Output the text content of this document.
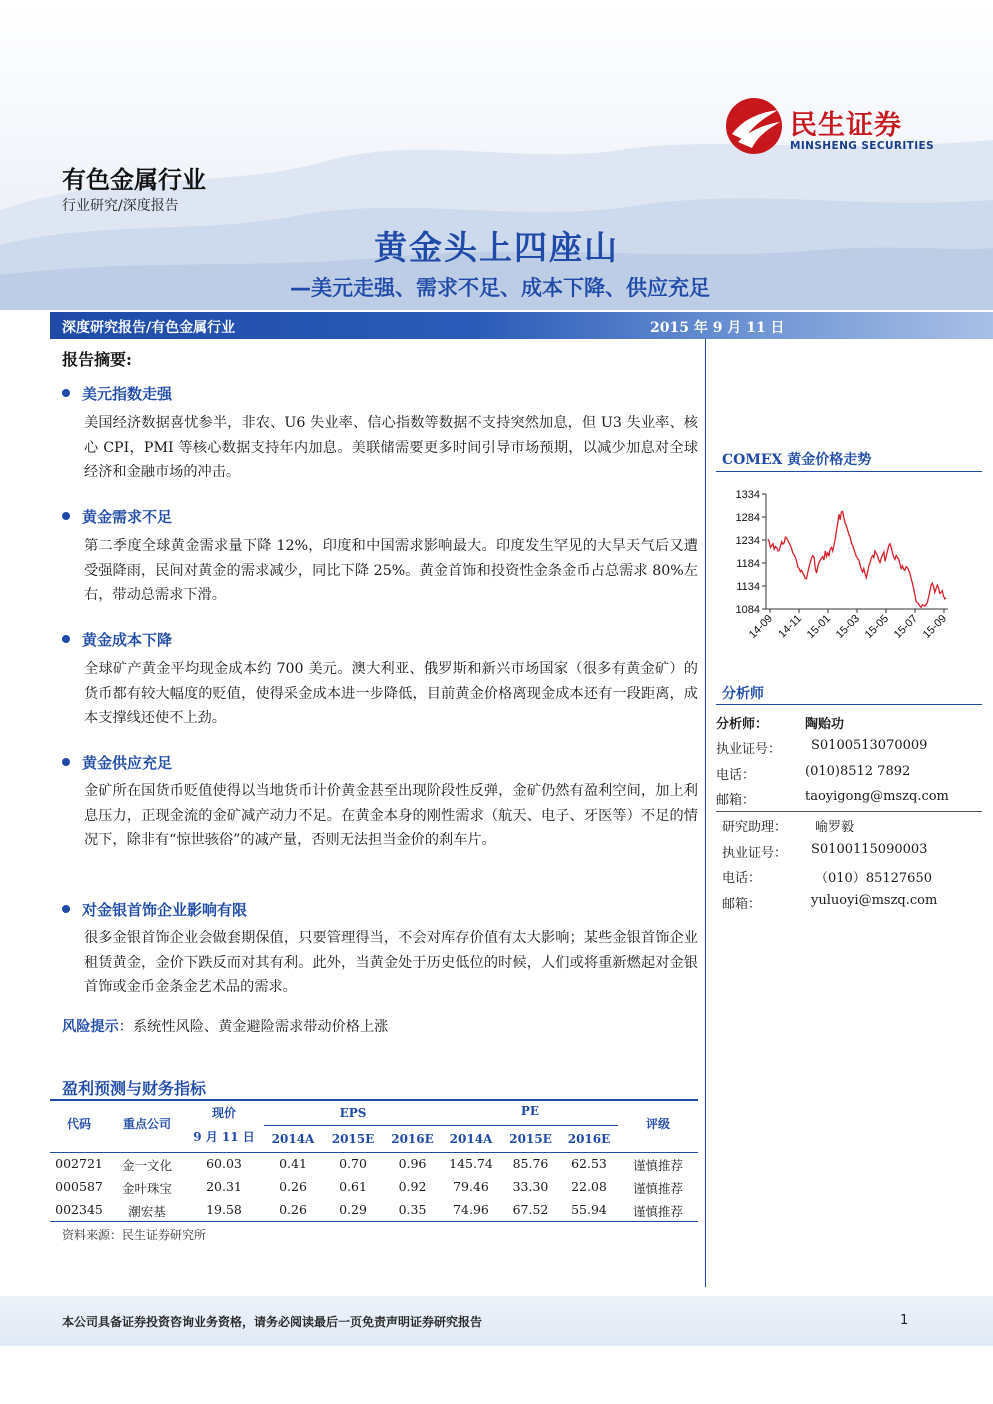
民生证券
MINSHENG SECURITIES
有色金属行业
行业研究/深度报告
黄金头上四座山
—美元走强、需求不足、成本下降、供应充足
深度研究报告/有色金属行业	2015 年 9 月 11 日
报告摘要:
美元指数走强
美国经济数据喜忧参半，非农、U6 失业率、信心指数等数据不支持突然加息，但 U3 失业率、核心 CPI，PMI 等核心数据支持年内加息。美联储需要更多时间引导市场预期，以减少加息对全球经济和金融市场的冲击。
黄金需求不足
第二季度全球黄金需求量下降 12%，印度和中国需求影响最大。印度发生罕见的大旱天气后又遭受强降雨，民间对黄金的需求减少，同比下降 25%。黄金首饰和投资性金条金币占总需求 80%左右，带动总需求下滑。
黄金成本下降
全球矿产黄金平均现金成本约 700 美元。澳大利亚、俄罗斯和新兴市场国家（很多有黄金矿）的货币都有较大幅度的贬值，使得采金成本进一步降低，目前黄金价格离现金成本还有一段距离，成本支撑线还使不上劲。
黄金供应充足
金矿所在国货币贬值使得以当地货币计价黄金甚至出现阶段性反弹，金矿仍然有盈利空间，加上利息压力，正现金流的金矿减产动力不足。在黄金本身的刚性需求（航天、电子、牙医等）不足的情况下，除非有“惊世骇俗”的减产量，否则无法担当金价的刹车片。
对金银首饰企业影响有限
很多金银首饰企业会做套期保值，只要管理得当，不会对库存价值有太大影响；某些金银首饰企业租赁黄金，金价下跌反而对其有利。此外，当黄金处于历史低位的时候，人们或将重新燃起对金银首饰或金币金条金艺术品的需求。
风险提示：系统性风险、黄金避险需求带动价格上涨
盈利预测与财务指标
代码	重点公司
现价
9 月 11 日
EPS	PE
评级
2014A	2015E	2016E	2014A	2015E	2016E
002721	金一文化	60.03	0.41	0.70	0.96	145.74	85.76	62.53	谨慎推荐
000587	金叶珠宝	20.31	0.26	0.61	0.92	79.46	33.30	22.08	谨慎推荐
002345	潮宏基	19.58	0.26	0.29	0.35	74.96	67.52	55.94	谨慎推荐
资料来源：民生证券研究所
COMEX 黄金价格走势
1334
1284
1234
1184
1134
1084
14-09 14-11 15-01 15-03 15-05 15-07 15-09
分析师
分析师：	陶贻功
执业证号： S0100513070009
电话：	(010)8512 7892
邮箱：	taoyigong@mszq.com
研究助理： 喻罗毅
执业证号： S0100115090003
电话：	（010）85127650
邮箱：	yuluoyi@mszq.com
本公司具备证券投资咨询业务资格，请务必阅读最后一页免责声明证券研究报告	1
